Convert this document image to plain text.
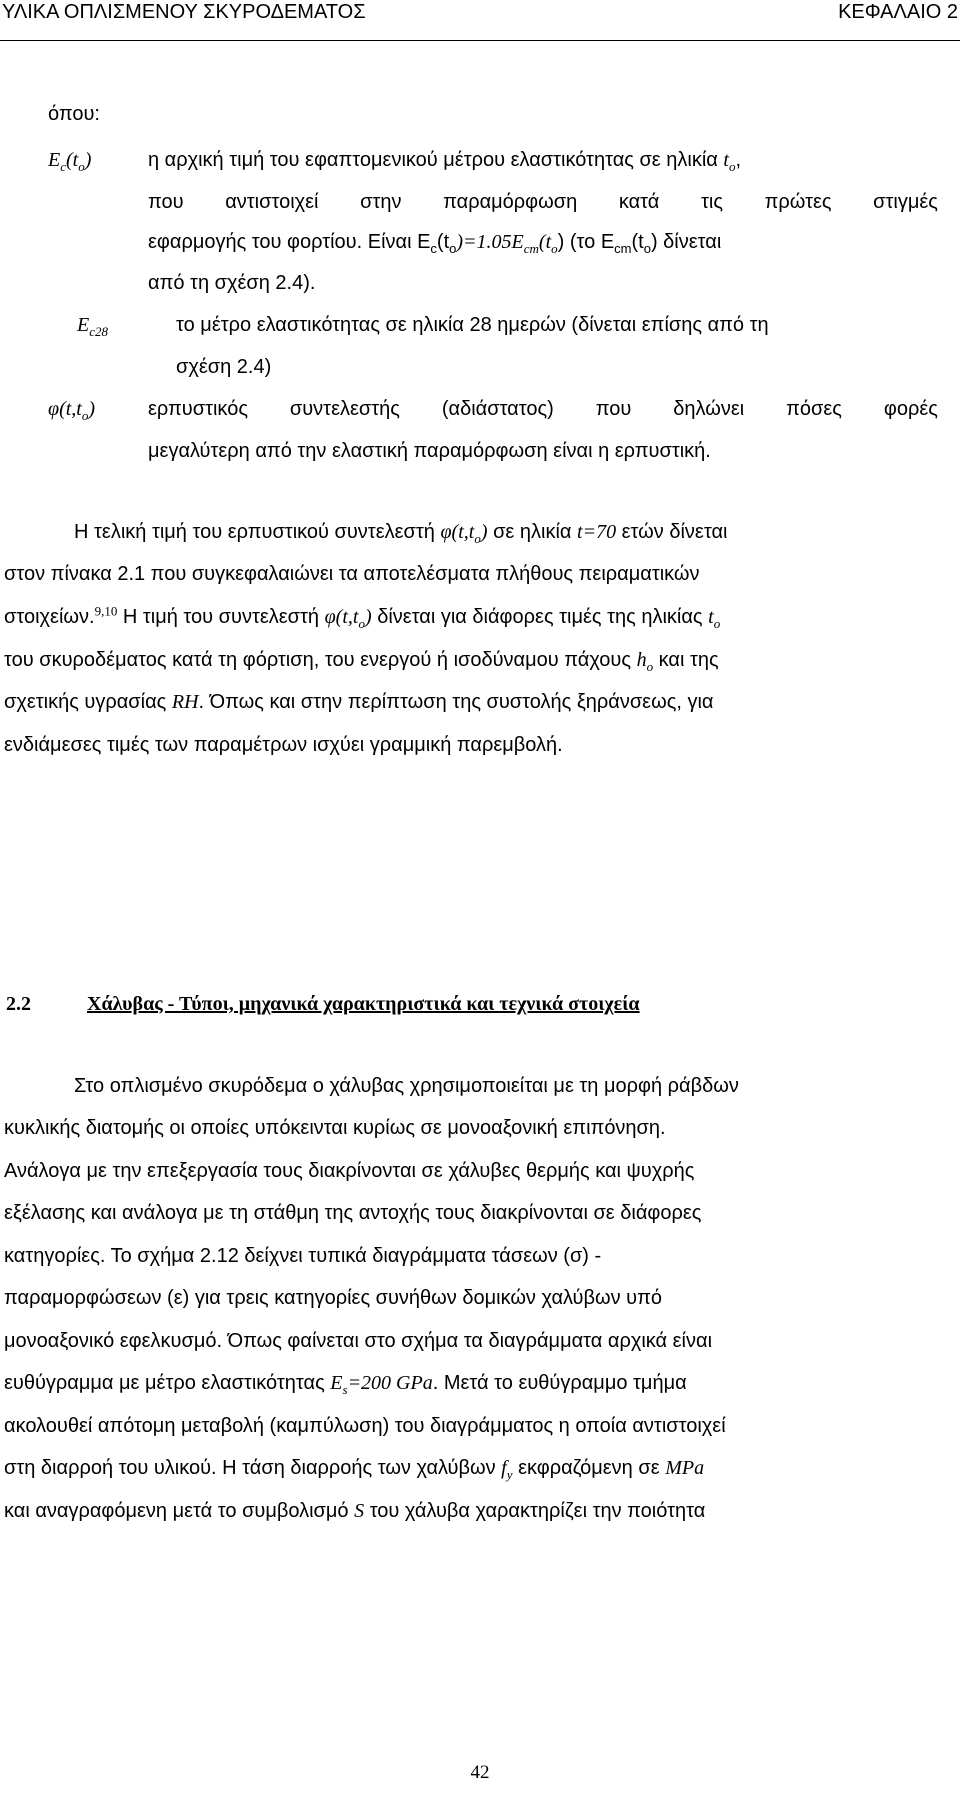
ΥΛΙΚΑ ΟΠΛΙΣΜΕΝΟΥ ΣΚΥΡΟΔΕΜΑΤΟΣ	ΚΕΦΑΛΑΙΟ 2
όπου:
$E_c(t_o)$	η αρχική τιμή του εφαπτομενικού μέτρου ελαστικότητας σε ηλικία $t_o$,
που αντιστοιχεί στην παραμόρφωση κατά τις πρώτες στιγμές
εφαρμογής του φορτίου. Είναι $E_c(t_o)=1.05E_{cm}(t_o)$ (το $E_{cm}(t_o)$ δίνεται
από τη σχέση 2.4).
$E_{c28}$	το μέτρο ελαστικότητας σε ηλικία 28 ημερών (δίνεται επίσης από τη
σχέση 2.4)
$\varphi(t,t_o)$	ερπυστικός συντελεστής (αδιάστατος) που δηλώνει πόσες φορές
μεγαλύτερη από την ελαστική παραμόρφωση είναι η ερπυστική.
Η τελική τιμή του ερπυστικού συντελεστή $\varphi(t,t_o)$ σε ηλικία t=70 ετών δίνεται
στον πίνακα 2.1 που συγκεφαλαιώνει τα αποτελέσματα πλήθους πειραματικών
στοιχείων.$^{9,10}$ Η τιμή του συντελεστή $\varphi(t,t_o)$ δίνεται για διάφορες τιμές της ηλικίας $t_o$
του σκυροδέματος κατά τη φόρτιση, του ενεργού ή ισοδύναμου πάχους $h_o$ και της
σχετικής υγρασίας RH. Όπως και στην περίπτωση της συστολής ξηράνσεως, για
ενδιάμεσες τιμές των παραμέτρων ισχύει γραμμική παρεμβολή.
2.2	Χάλυβας - Τύποι, μηχανικά χαρακτηριστικά και τεχνικά στοιχεία
Στο οπλισμένο σκυρόδεμα ο χάλυβας χρησιμοποιείται με τη μορφή ράβδων
κυκλικής διατομής οι οποίες υπόκεινται κυρίως σε μονοαξονική επιπόνηση.
Ανάλογα με την επεξεργασία τους διακρίνονται σε χάλυβες θερμής και ψυχρής
εξέλασης και ανάλογα με τη στάθμη της αντοχής τους διακρίνονται σε διάφορες
κατηγορίες. Το σχήμα 2.12 δείχνει τυπικά διαγράμματα τάσεων (σ) -
παραμορφώσεων (ε) για τρεις κατηγορίες συνήθων δομικών χαλύβων υπό
μονοαξονικό εφελκυσμό. Όπως φαίνεται στο σχήμα τα διαγράμματα αρχικά είναι
ευθύγραμμα με μέτρο ελαστικότητας $E_s=200$ GPa. Μετά το ευθύγραμμο τμήμα
ακολουθεί απότομη μεταβολή (καμπύλωση) του διαγράμματος η οποία αντιστοιχεί
στη διαρροή του υλικού. Η τάση διαρροής των χαλύβων $f_y$ εκφραζόμενη σε MPa
και αναγραφόμενη μετά το συμβολισμό S του χάλυβα χαρακτηρίζει την ποιότητα
42
